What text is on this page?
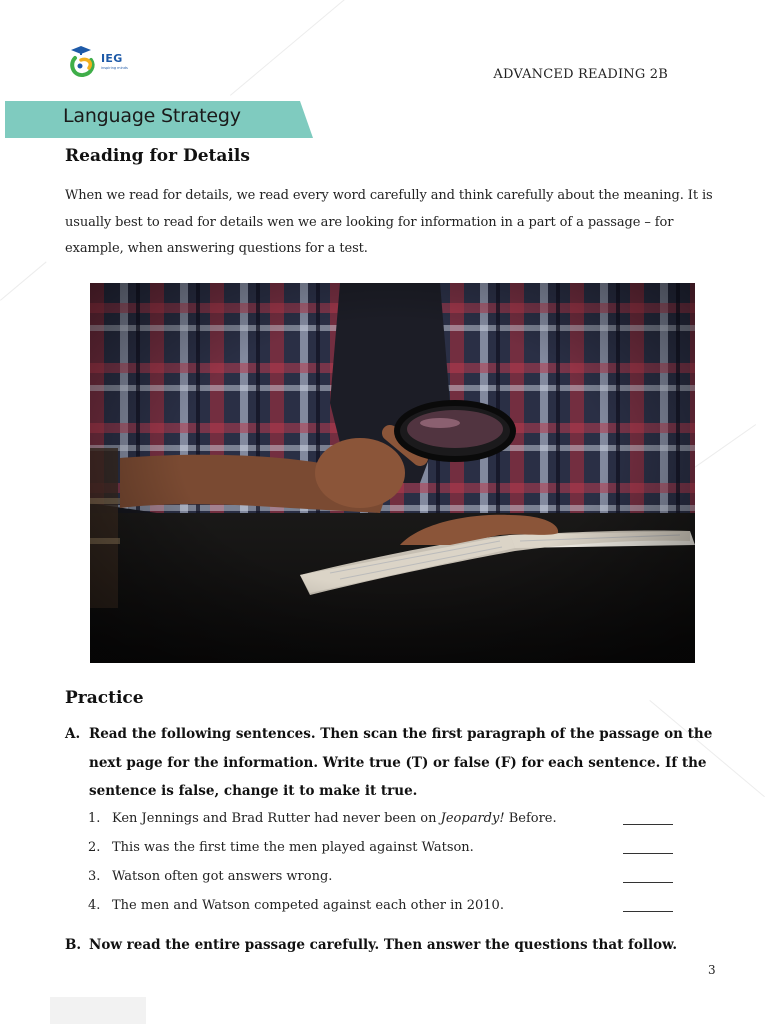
IEG
inspiring minds	ADVANCED READING 2B
Language Strategy
Reading for Details
When we read for details, we read every word carefully and think carefully about the meaning. It is usually best to read for details wen we are looking for information in a part of a passage – for example, when answering questions for a test.
Practice
A. Read the following sentences. Then scan the first paragraph of the passage on the next page for the information. Write true (T) or false (F) for each sentence. If the sentence is false, change it to make it true.
1. Ken Jennings and Brad Rutter had never been on Jeopardy! Before.
2. This was the first time the men played against Watson.
3. Watson often got answers wrong.
4. The men and Watson competed against each other in 2010.
B. Now read the entire passage carefully. Then answer the questions that follow.
3
